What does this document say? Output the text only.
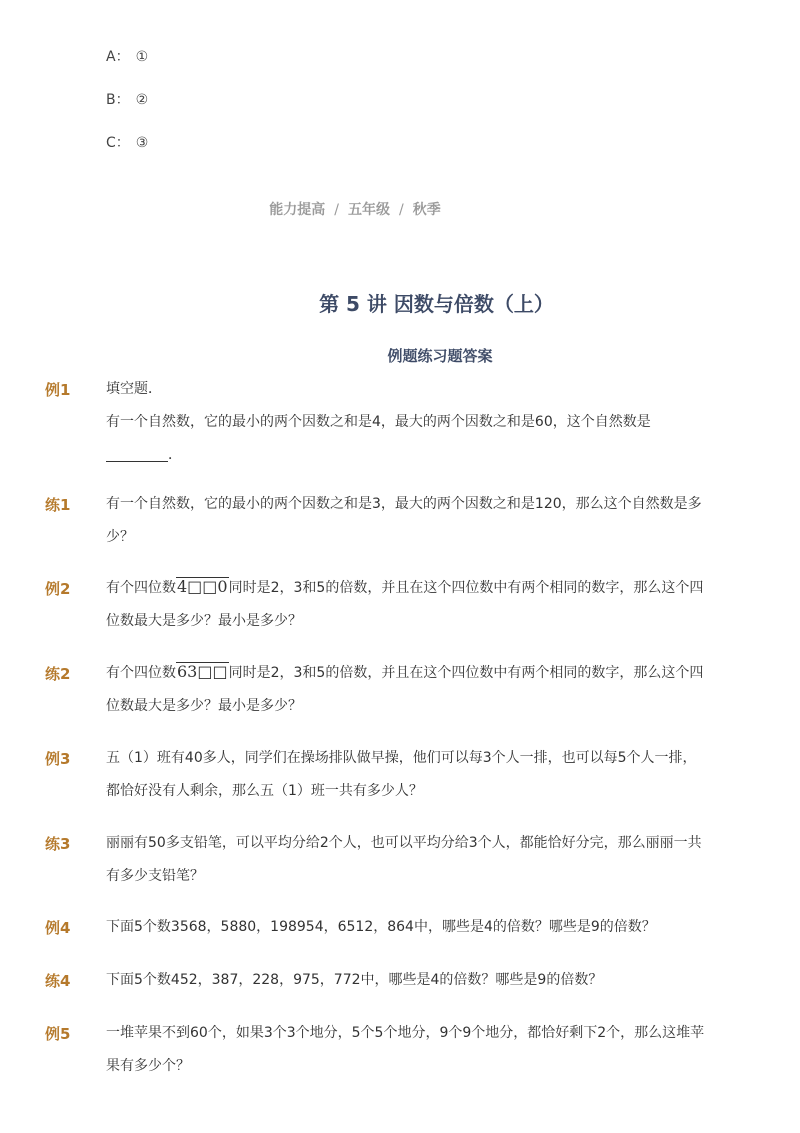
A： ①
B： ②
C： ③
能力提高 / 五年级 / 秋季
第 5 讲 因数与倍数（上）
例题练习题答案
例1	填空题．
有一个自然数，它的最小的两个因数之和是4，最大的两个因数之和是60，这个自然数是
．
练1	有一个自然数，它的最小的两个因数之和是3，最大的两个因数之和是120，那么这个自然数是多
少？
例2	有个四位数4□□0同时是2，3和5的倍数，并且在这个四位数中有两个相同的数字，那么这个四
位数最大是多少？最小是多少？
练2	有个四位数63□□同时是2，3和5的倍数，并且在这个四位数中有两个相同的数字，那么这个四
位数最大是多少？最小是多少？
例3	五（1）班有40多人，同学们在操场排队做早操，他们可以每3个人一排，也可以每5个人一排，
都恰好没有人剩余，那么五（1）班一共有多少人？
练3	丽丽有50多支铅笔，可以平均分给2个人，也可以平均分给3个人，都能恰好分完，那么丽丽一共
有多少支铅笔？
例4	下面5个数3568，5880，198954，6512，864中，哪些是4的倍数？哪些是9的倍数？
练4	下面5个数452，387，228，975，772中，哪些是4的倍数？哪些是9的倍数？
例5	一堆苹果不到60个，如果3个3个地分，5个5个地分，9个9个地分，都恰好剩下2个，那么这堆苹
果有多少个？
